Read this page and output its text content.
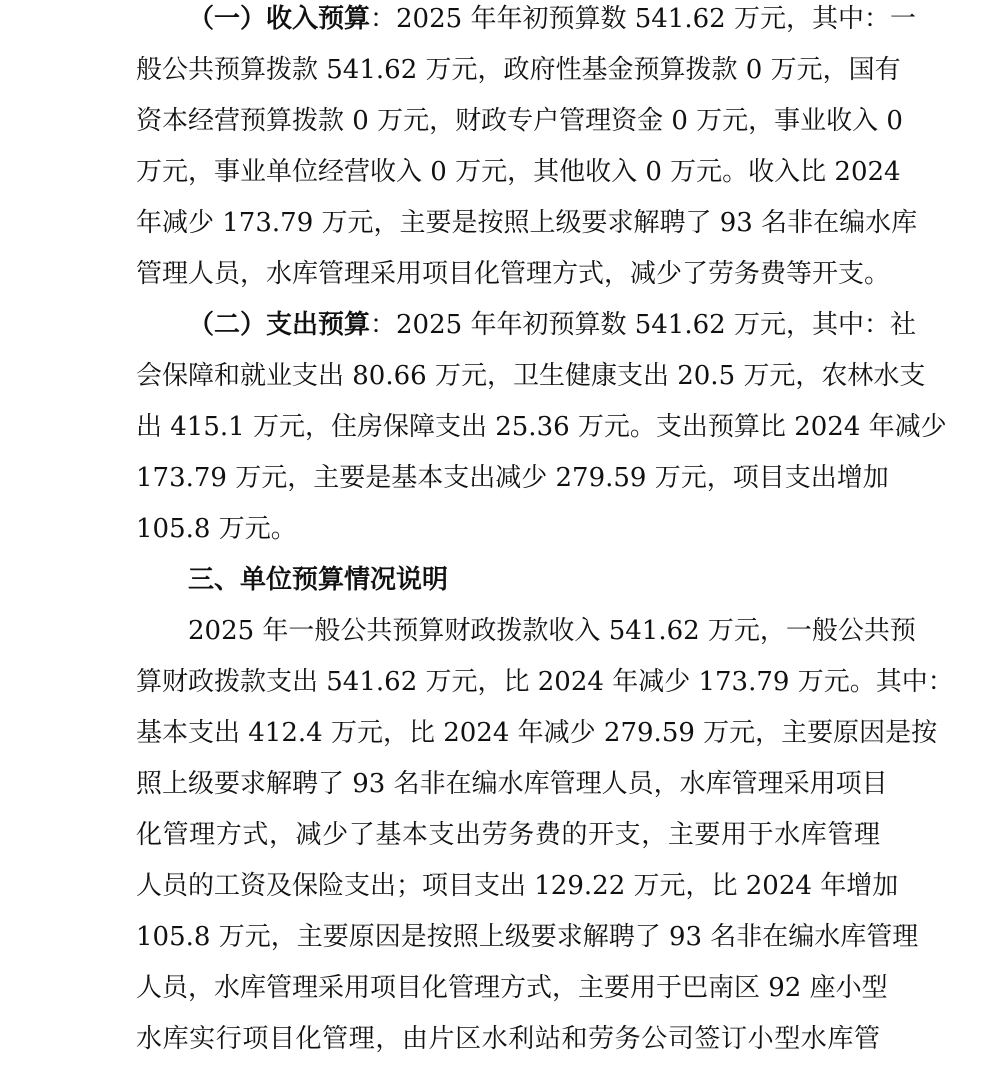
（一）收入预算：2025 年年初预算数 541.62 万元，其中：一
般公共预算拨款 541.62 万元，政府性基金预算拨款 0 万元，国有
资本经营预算拨款 0 万元，财政专户管理资金 0 万元，事业收入 0
万元，事业单位经营收入 0 万元，其他收入 0 万元。收入比 2024
年减少 173.79 万元，主要是按照上级要求解聘了 93 名非在编水库
管理人员，水库管理采用项目化管理方式，减少了劳务费等开支。
（二）支出预算：2025 年年初预算数 541.62 万元，其中：社
会保障和就业支出 80.66 万元，卫生健康支出 20.5 万元，农林水支
出 415.1 万元，住房保障支出 25.36 万元。支出预算比 2024 年减少
173.79 万元，主要是基本支出减少 279.59 万元，项目支出增加
105.8 万元。
三、单位预算情况说明
2025 年一般公共预算财政拨款收入 541.62 万元，一般公共预
算财政拨款支出 541.62 万元，比 2024 年减少 173.79 万元。其中：
基本支出 412.4 万元，比 2024 年减少 279.59 万元，主要原因是按
照上级要求解聘了 93 名非在编水库管理人员，水库管理采用项目
化管理方式，减少了基本支出劳务费的开支，主要用于水库管理
人员的工资及保险支出；项目支出 129.22 万元，比 2024 年增加
105.8 万元，主要原因是按照上级要求解聘了 93 名非在编水库管理
人员，水库管理采用项目化管理方式，主要用于巴南区 92 座小型
水库实行项目化管理，由片区水利站和劳务公司签订小型水库管
